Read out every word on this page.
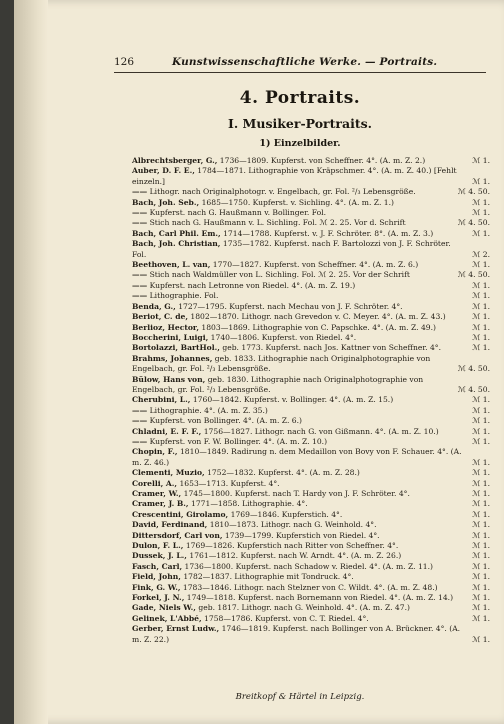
126	Kunstwissenschaftliche Werke. — Portraits.
4. Portraits.
I. Musiker-Portraits.
1) Einzelbilder.
Albrechtsberger, G., 1736—1809. Kupferst. von Scheffner. 4°. (A. m. Z. 2.)	ℳ 1.
Auber, D. F. E., 1784—1871. Lithographie von Kräpschmer. 4°. (A. m. Z. 40.) [Fehlt einzeln.]	ℳ 1.
—— Lithogr. nach Originalphotogr. v. Engelbach, gr. Fol. ²/₃ Lebensgröße.	ℳ 4. 50.
Bach, Joh. Seb., 1685—1750. Kupferst. v. Sichling. 4°. (A. m. Z. 1.)	ℳ 1.
—— Kupferst. nach G. Haußmann v. Bollinger. Fol.	ℳ 1.
—— Stich nach G. Haußmann v. L. Sichling. Fol. ℳ 2. 25. Vor d. Schrift	ℳ 4. 50.
Bach, Carl Phil. Em., 1714—1788. Kupferst. v. J. F. Schröter. 8°. (A. m. Z. 3.)	ℳ 1.
Bach, Joh. Christian, 1735—1782. Kupferst. nach F. Bartolozzi von J. F. Schröter. Fol.	ℳ 2.
Beethoven, L. van, 1770—1827. Kupferst. von Scheffner. 4°. (A. m. Z. 6.)	ℳ 1.
—— Stich nach Waldmüller von L. Sichling. Fol. ℳ 2. 25. Vor der Schrift	ℳ 4. 50.
—— Kupferst. nach Letronne von Riedel. 4°. (A. m. Z. 19.)	ℳ 1.
—— Lithographie. Fol.	ℳ 1.
Benda, G., 1727—1795. Kupferst. nach Mechau von J. F. Schröter. 4°.	ℳ 1.
Beriot, C. de, 1802—1870. Lithogr. nach Grevedon v. C. Meyer. 4°. (A. m. Z. 43.)	ℳ 1.
Berlioz, Hector, 1803—1869. Lithographie von C. Papschke. 4°. (A. m. Z. 49.)	ℳ 1.
Boccherini, Luigi, 1740—1806. Kupferst. von Riedel. 4°.	ℳ 1.
Bortolazzi, BartHol., geb. 1773. Kupferst. nach Jos. Kattner von Scheffner. 4°.	ℳ 1.
Brahms, Johannes, geb. 1833. Lithographie nach Originalphotographie von Engelbach, gr. Fol. ²/₃ Lebensgröße.	ℳ 4. 50.
Bülow, Hans von, geb. 1830. Lithographie nach Originalphotographie von Engelbach, gr. Fol. ²/₃ Lebensgröße.	ℳ 4. 50.
Cherubini, L., 1760—1842. Kupferst. v. Bollinger. 4°. (A. m. Z. 15.)	ℳ 1.
—— Lithographie. 4°. (A. m. Z. 35.)	ℳ 1.
—— Kupferst. von Bollinger. 4°. (A. m. Z. 6.)	ℳ 1.
Chladni, E. F. F., 1756—1827. Lithogr. nach G. von Gißmann. 4°. (A. m. Z. 10.)	ℳ 1.
—— Kupferst. von F. W. Bollinger. 4°. (A. m. Z. 10.)	ℳ 1.
Chopin, F., 1810—1849. Radirung n. dem Medaillon von Bovy von F. Schauer. 4°. (A. m. Z. 46.)	ℳ 1.
Clementi, Muzio, 1752—1832. Kupferst. 4°. (A. m. Z. 28.)	ℳ 1.
Corelli, A., 1653—1713. Kupferst. 4°.	ℳ 1.
Cramer, W., 1745—1800. Kupferst. nach T. Hardy von J. F. Schröter. 4°.	ℳ 1.
Cramer, J. B., 1771—1858. Lithographie. 4°.	ℳ 1.
Crescentini, Girolamo, 1769—1846. Kupferstich. 4°.	ℳ 1.
David, Ferdinand, 1810—1873. Lithogr. nach G. Weinhold. 4°.	ℳ 1.
Dittersdorf, Carl von, 1739—1799. Kupferstich von Riedel. 4°.	ℳ 1.
Dulon, F. L., 1769—1826. Kupferstich nach Ritter von Scheffner. 4°.	ℳ 1.
Dussek, J. L., 1761—1812. Kupferst. nach W. Arndt. 4°. (A. m. Z. 26.)	ℳ 1.
Fasch, Carl, 1736—1800. Kupferst. nach Schadow v. Riedel. 4°. (A. m. Z. 11.)	ℳ 1.
Field, John, 1782—1837. Lithographie mit Tondruck. 4°.	ℳ 1.
Fink, G. W., 1783—1846. Lithogr. nach Stelzner von C. Wildt. 4°. (A. m. Z. 48.)	ℳ 1.
Forkel, J. N., 1749—1818. Kupferst. nach Bornemann von Riedel. 4°. (A. m. Z. 14.)	ℳ 1.
Gade, Niels W., geb. 1817. Lithogr. nach G. Weinhold. 4°. (A. m. Z. 47.)	ℳ 1.
Gelinek, L'Abbé, 1758—1786. Kupferst. von C. T. Riedel. 4°.	ℳ 1.
Gerber, Ernst Ludw., 1746—1819. Kupferst. nach Bollinger von A. Brückner. 4°. (A. m. Z. 22.)	ℳ 1.
Breitkopf & Härtel in Leipzig.
